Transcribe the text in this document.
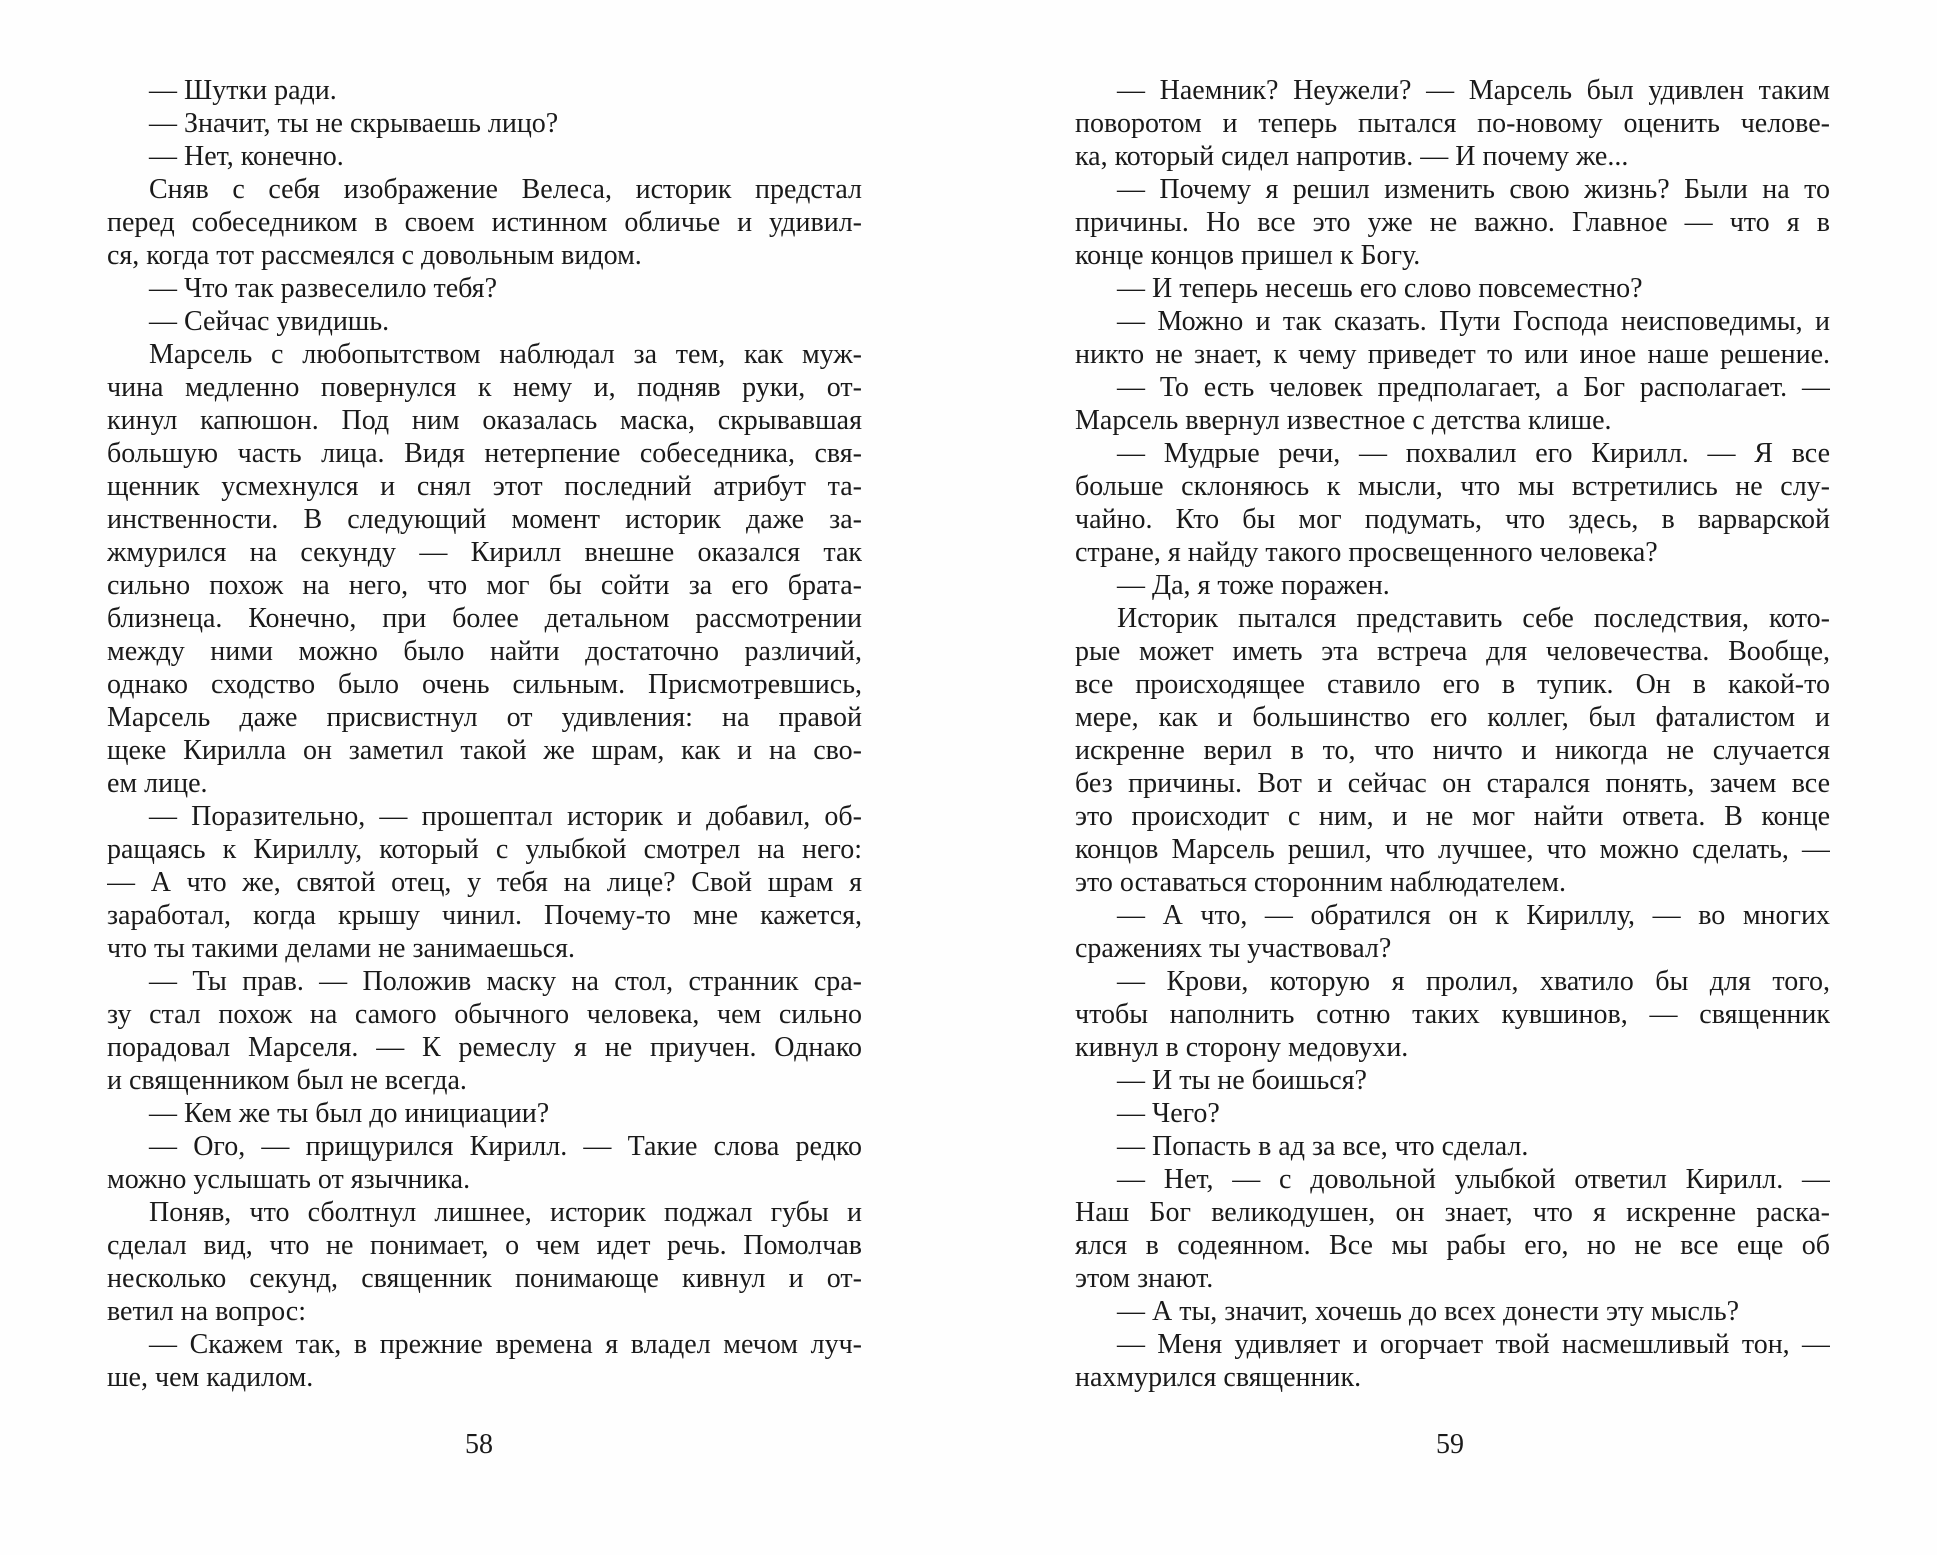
— Шутки ради.
— Значит, ты не скрываешь лицо?
— Нет, конечно.
Сняв с себя изображение Велеса, историк предстал
перед собеседником в своем истинном обличье и удивил-
ся, когда тот рассмеялся с довольным видом.
— Что так развеселило тебя?
— Сейчас увидишь.
Марсель с любопытством наблюдал за тем, как муж-
чина медленно повернулся к нему и, подняв руки, от-
кинул капюшон. Под ним оказалась маска, скрывавшая
большую часть лица. Видя нетерпение собеседника, свя-
щенник усмехнулся и снял этот последний атрибут та-
инственности. В следующий момент историк даже за-
жмурился на секунду — Кирилл внешне оказался так
сильно похож на него, что мог бы сойти за его брата-
близнеца. Конечно, при более детальном рассмотрении
между ними можно было найти достаточно различий,
однако сходство было очень сильным. Присмотревшись,
Марсель даже присвистнул от удивления: на правой
щеке Кирилла он заметил такой же шрам, как и на сво-
ем лице.
— Поразительно, — прошептал историк и добавил, об-
ращаясь к Кириллу, который с улыбкой смотрел на него:
— А что же, святой отец, у тебя на лице? Свой шрам я
заработал, когда крышу чинил. Почему-то мне кажется,
что ты такими делами не занимаешься.
— Ты прав. — Положив маску на стол, странник сра-
зу стал похож на самого обычного человека, чем сильно
порадовал Марселя. — К ремеслу я не приучен. Однако
и священником был не всегда.
— Кем же ты был до инициации?
— Ого, — прищурился Кирилл. — Такие слова редко
можно услышать от язычника.
Поняв, что сболтнул лишнее, историк поджал губы и
сделал вид, что не понимает, о чем идет речь. Помолчав
несколько секунд, священник понимающе кивнул и от-
ветил на вопрос:
— Скажем так, в прежние времена я владел мечом луч-
ше, чем кадилом.
58
— Наемник? Неужели? — Марсель был удивлен таким
поворотом и теперь пытался по-новому оценить челове-
ка, который сидел напротив. — И почему же...
— Почему я решил изменить свою жизнь? Были на то
причины. Но все это уже не важно. Главное — что я в
конце концов пришел к Богу.
— И теперь несешь его слово повсеместно?
— Можно и так сказать. Пути Господа неисповедимы, и
никто не знает, к чему приведет то или иное наше решение.
— То есть человек предполагает, а Бог располагает. —
Марсель ввернул известное с детства клише.
— Мудрые речи, — похвалил его Кирилл. — Я все
больше склоняюсь к мысли, что мы встретились не слу-
чайно. Кто бы мог подумать, что здесь, в варварской
стране, я найду такого просвещенного человека?
— Да, я тоже поражен.
Историк пытался представить себе последствия, кото-
рые может иметь эта встреча для человечества. Вообще,
все происходящее ставило его в тупик. Он в какой-то
мере, как и большинство его коллег, был фаталистом и
искренне верил в то, что ничто и никогда не случается
без причины. Вот и сейчас он старался понять, зачем все
это происходит с ним, и не мог найти ответа. В конце
концов Марсель решил, что лучшее, что можно сделать, —
это оставаться сторонним наблюдателем.
— А что, — обратился он к Кириллу, — во многих
сражениях ты участвовал?
— Крови, которую я пролил, хватило бы для того,
чтобы наполнить сотню таких кувшинов, — священник
кивнул в сторону медовухи.
— И ты не боишься?
— Чего?
— Попасть в ад за все, что сделал.
— Нет, — с довольной улыбкой ответил Кирилл. —
Наш Бог великодушен, он знает, что я искренне раска-
ялся в содеянном. Все мы рабы его, но не все еще об
этом знают.
— А ты, значит, хочешь до всех донести эту мысль?
— Меня удивляет и огорчает твой насмешливый тон, —
нахмурился священник.
59
